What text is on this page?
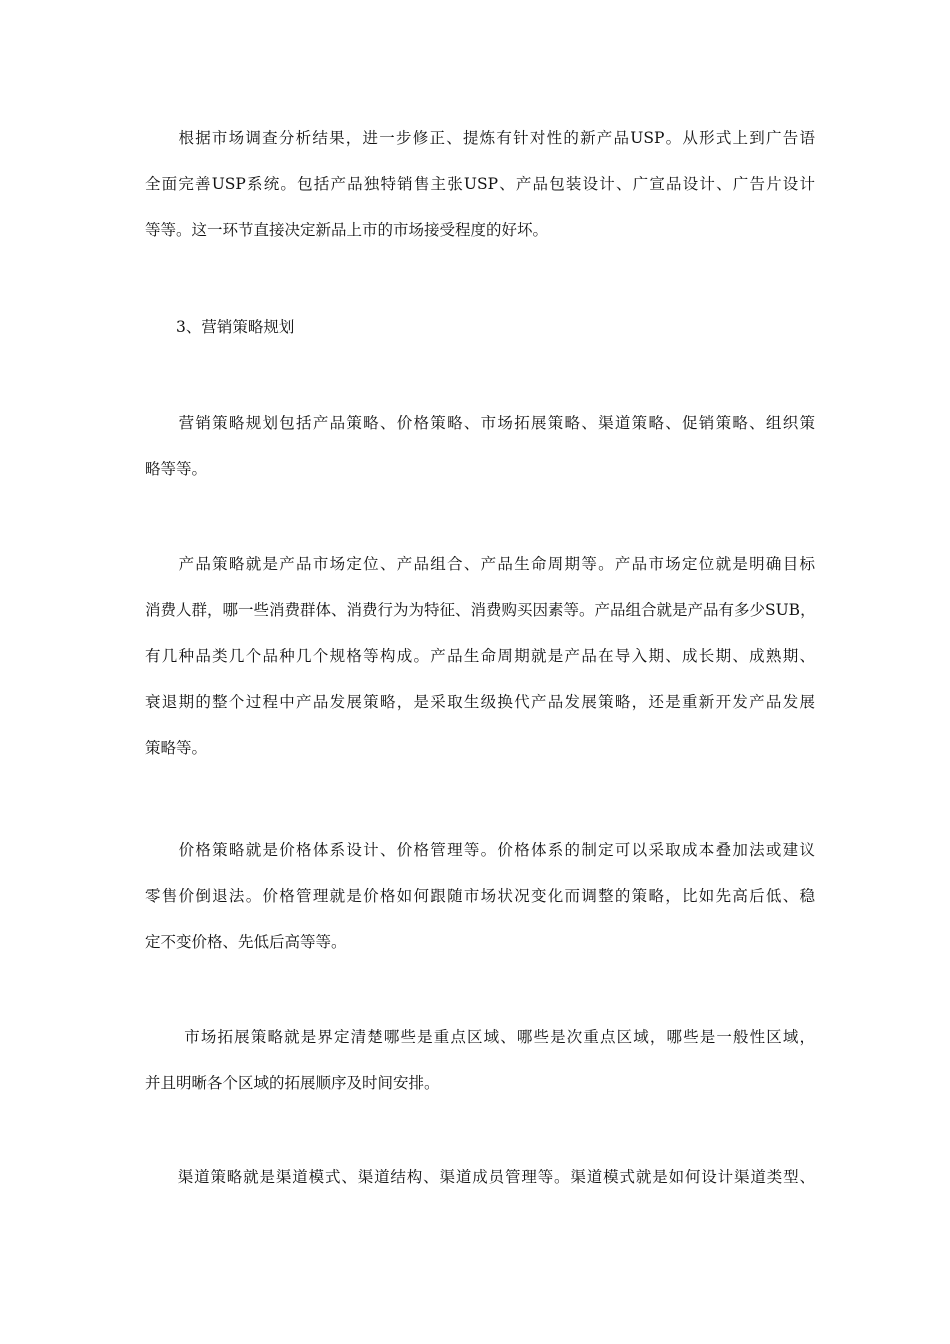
　　根据市场调查分析结果，进一步修正、提炼有针对性的新产品USP。从形式上到广告语
全面完善USP系统。包括产品独特销售主张USP、产品包装设计、广宣品设计、广告片设计
等等。这一环节直接决定新品上市的市场接受程度的好坏。
　　3、营销策略规划
　　营销策略规划包括产品策略、价格策略、市场拓展策略、渠道策略、促销策略、组织策
略等等。
　　产品策略就是产品市场定位、产品组合、产品生命周期等。产品市场定位就是明确目标
消费人群，哪一些消费群体、消费行为为特征、消费购买因素等。产品组合就是产品有多少SUB，
有几种品类几个品种几个规格等构成。产品生命周期就是产品在导入期、成长期、成熟期、
衰退期的整个过程中产品发展策略，是采取生级换代产品发展策略，还是重新开发产品发展
策略等。
　　价格策略就是价格体系设计、价格管理等。价格体系的制定可以采取成本叠加法或建议
零售价倒退法。价格管理就是价格如何跟随市场状况变化而调整的策略，比如先高后低、稳
定不变价格、先低后高等等。
　　 市场拓展策略就是界定清楚哪些是重点区域、哪些是次重点区域，哪些是一般性区域，
并且明晰各个区域的拓展顺序及时间安排。
　　渠道策略就是渠道模式、渠道结构、渠道成员管理等。渠道模式就是如何设计渠道类型、
